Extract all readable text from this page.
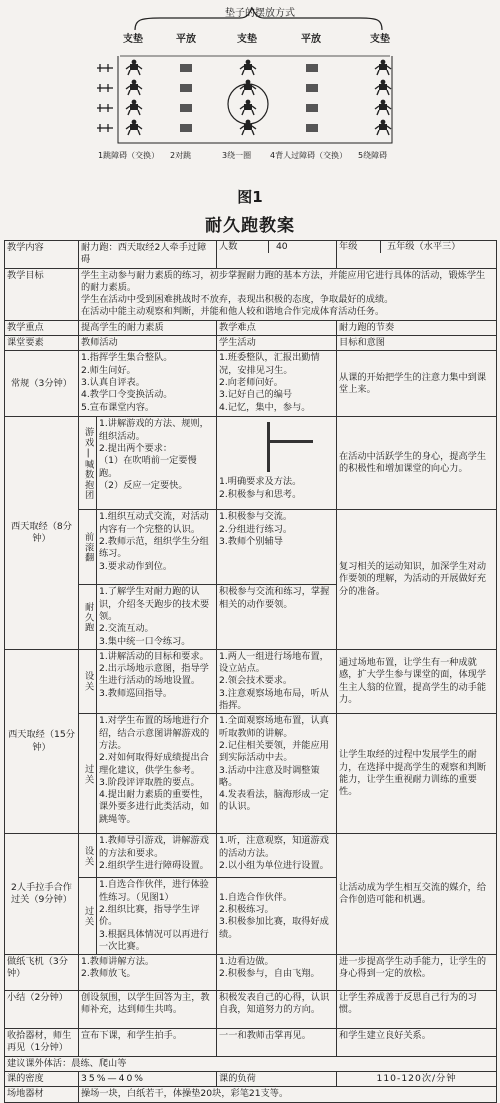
垫子的摆放方式
支垫	平放	支垫	平放	支垫
1跳障碍（交换） 2对跳	3绕一圈 4背人过障碍（交换） 5绕障碍
图1
耐久跑教案
教学内容	耐力跑：西天取经2人牵手过障碍		人数 40	年级 五年级（水平三）
教学目标	学生主动参与耐力素质的练习，初步掌握耐力跑的基本方法，并能应用它进行具体的活动，锻炼学生的耐力素质。
学生在活动中受到困难挑战时不放弃，表现出积极的态度，争取最好的成绩。
在活动中能主动观察和判断，并能和他人较和谐地合作完成体育活动任务。			
教学重点	提高学生的耐力素质		教学难点	耐力跑的节奏
课堂要素	教师活动		学生活动	目标和意图
常规（3分钟）	1.指挥学生集合整队。
2.师生问好。
3.认真自评表。
4.教学口令变换活动。
5.宣布课堂内容。		1.班委整队，汇报出勤情况，安排见习生。
2.向老师问好。
3.记好自己的编号
4.记忆，集中，参与。	从课的开始把学生的注意力集中到课堂上来。
西天取经（8分钟）	游戏|喊数抱团	1.讲解游戏的方法、规则，组织活动。
2.提出两个要求：
（1）在吹哨前一定要慢跑。
（2）反应一定要快。	1.明确要求及方法。
2.积极参与和思考。	在活动中活跃学生的身心，提高学生的积极性和增加课堂的向心力。
	前滚翻	1.组织互动式交流，对活动内容有一个完整的认识。
2.教师示范，组织学生分组练习。
3.要求动作到位。	1.积极参与交流。
2.分组进行练习。
3.教师个别辅导	复习相关的运动知识，加深学生对动作要领的理解，为活动的开展做好充分的准备。
	耐久跑	1.了解学生对耐力跑的认识，介绍冬天跑步的技术要领。
2.交流互动。
3.集中统一口令练习。	积极参与交流和练习，掌握相关的动作要领。	
西天取经（15分钟）	设关	1.讲解活动的目标和要求。
2.出示场地示意图，指导学生进行活动的场地设置。
3.教师巡回指导。	1.两人一组进行场地布置，设立站点。
2.领会技术要求。
3.注意观察场地布局，听从指挥。	通过场地布置，让学生有一种成就感，扩大学生参与课堂的面，体现学生主人翁的位置，提高学生的动手能力。
	过关	1.对学生布置的场地进行介绍，结合示意图讲解游戏的方法。
2.对如何取得好成绩提出合理化建议，供学生参考。
3.阶段评评取胜的要点。
4.提出耐力素质的重要性，课外要多进行此类活动，如跳绳等。	1.全面观察场地布置，认真听取教师的讲解。
2.记住相关要领，并能应用到实际活动中去。
3.活动中注意及时调整策略。
4.发表看法，脑海形成一定的认识。	让学生取经的过程中发展学生的耐力，在选择中提高学生的观察和判断能力，让学生重视耐力训练的重要性。
2人手拉手合作过关（9分钟）	设关	1.教师导引游戏，讲解游戏的方法和要求。
2.组织学生进行障碍设置。	1.听，注意观察，知道游戏的活动方法。
2.以小组为单位进行设置。	让活动成为学生相互交流的媒介，给合作创造可能和机遇。
	过关	1.自选合作伙伴，进行体验性练习。（见图1）
2.组织比赛，指导学生评价。
3.根据具体情况可以再进行一次比赛。	1.自选合作伙伴。
2.积极练习。
3.积极参加比赛，取得好成绩。	
做纸飞机（3分钟）	1.教师讲解方法。
2.教师放飞。		1.边看边做。
2.积极参与，自由飞翔。	进一步提高学生动手能力，让学生的身心得到一定的放松。
小结（2分钟）	创设氛围，以学生回答为主，教师补充，达到师生共鸣。		积极发表自己的心得，认识自我，知道努力的方向。	让学生养成善于反思自己行为的习惯。
收拾器材，师生再见（1分钟）	宣布下课，和学生拍手。		一一和教师击掌再见。	和学生建立良好关系。
建议课外体活：晨练、爬山等				
课的密度	35%—40%		课的负荷	110-120次/分钟
场地器材	操场一块，白纸若干，体操垫20块，彩笔21支等。			
